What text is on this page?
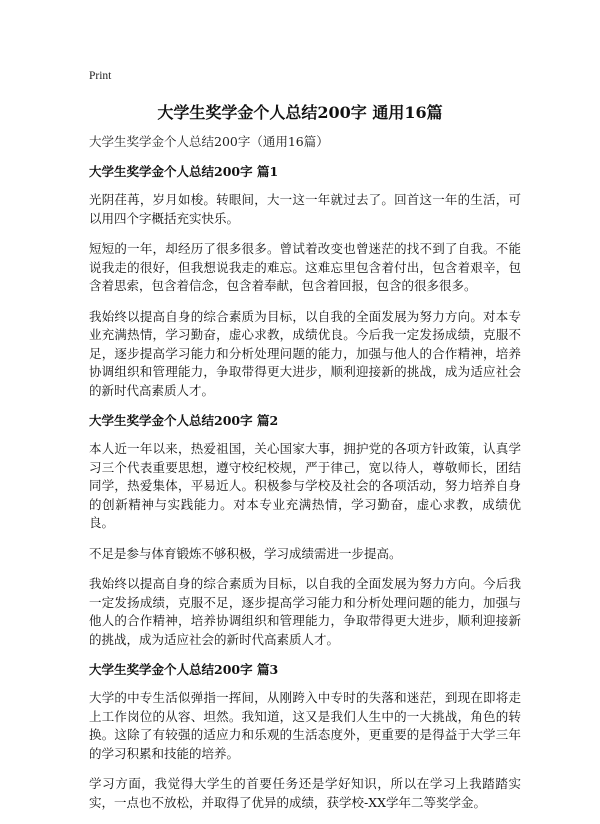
Print
大学生奖学金个人总结200字 通用16篇

大学生奖学金个人总结200字（通用16篇）

大学生奖学金个人总结200字 篇1

光阴荏苒，岁月如梭。转眼间，大一这一年就过去了。回首这一年的生活，可以用四个字概括充实快乐。

短短的一年，却经历了很多很多。曾试着改变也曾迷茫的找不到了自我。不能说我走的很好，但我想说我走的难忘。这难忘里包含着付出，包含着艰辛，包含着思索，包含着信念，包含着奉献，包含着回报，包含的很多很多。

我始终以提高自身的综合素质为目标，以自我的全面发展为努力方向。对本专业充满热情，学习勤奋，虚心求教，成绩优良。今后我一定发扬成绩，克服不足，逐步提高学习能力和分析处理问题的能力，加强与他人的合作精神，培养协调组织和管理能力，争取带得更大进步，顺利迎接新的挑战，成为适应社会的新时代高素质人才。

大学生奖学金个人总结200字 篇2

本人近一年以来，热爱祖国，关心国家大事，拥护党的各项方针政策，认真学习三个代表重要思想，遵守校纪校规，严于律己，宽以待人，尊敬师长，团结同学，热爱集体，平易近人。积极参与学校及社会的各项活动，努力培养自身的创新精神与实践能力。对本专业充满热情，学习勤奋，虚心求教，成绩优良。

不足是参与体育锻炼不够积极，学习成绩需进一步提高。

我始终以提高自身的综合素质为目标，以自我的全面发展为努力方向。今后我一定发扬成绩，克服不足，逐步提高学习能力和分析处理问题的能力，加强与他人的合作精神，培养协调组织和管理能力，争取带得更大进步，顺利迎接新的挑战，成为适应社会的新时代高素质人才。

大学生奖学金个人总结200字 篇3

大学的中专生活似弹指一挥间，从刚跨入中专时的失落和迷茫，到现在即将走上工作岗位的从容、坦然。我知道，这又是我们人生中的一大挑战，角色的转换。这除了有较强的适应力和乐观的生活态度外，更重要的是得益于大学三年的学习积累和技能的培养。

学习方面，我觉得大学生的首要任务还是学好知识，所以在学习上我踏踏实实，一点也不放松，并取得了优异的成绩，获学校-XX学年二等奖学金。
